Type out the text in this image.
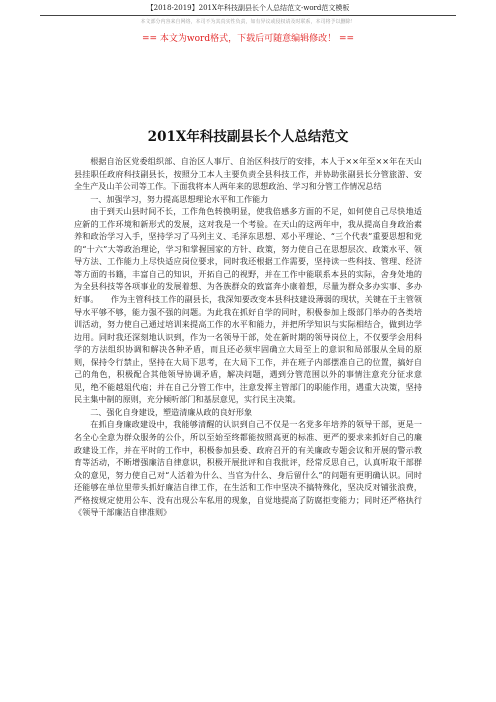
【2018-2019】201X年科技副县长个人总结范文-word范文模板
本文部分内容来自网络，本司不为其真实性负责，如有异议或侵权请及时联系，本司将予以删除！
== 本文为word格式，下载后可随意编辑修改！ ==
201X年科技副县长个人总结范文

根据自治区党委组织部、自治区人事厅、自治区科技厅的安排，本人于××年至××年在天山县挂职任政府科技副县长，按照分工本人主要负责全县科技工作，并协助张副县长分管旅游、安全生产及山羊公司等工作。下面我将本人两年来的思想政治、学习和分管工作情况总结

一、加强学习，努力提高思想理论水平和工作能力

由于到天山县时间不长，工作角色转换明显，使我倍感多方面的不足，如何使自己尽快地适应新的工作环境和新形式的发展，这对我是一个考验。在天山的这两年中，我从提高自身政治素养和政治学习入手，坚持学习了马列主义、毛泽东思想、邓小平理论、“三个代表”重要思想和党的“十六”大等政治理论，学习和掌握国家的方针、政策，努力使自己在思想层次、政策水平、领导方法、工作能力上尽快适应岗位要求，同时我还根据工作需要，坚持读一些科技、管理、经济等方面的书籍，丰富自己的知识，开拓自己的视野，并在工作中能联系本县的实际，舍身处地的为全县科技等各项事业的发展着想、为各族群众的致富奔小康着想，尽量为群众多办实事、多办好事。　　作为主管科技工作的副县长，我深知要改变本县科技建设薄弱的现状，关键在于主管领导水平够不够，能力强不强的问题。为此我在抓好自学的同时，积极参加上级部门举办的各类培训活动，努力使自己通过培训来提高工作的水平和能力，并把所学知识与实际相结合，做到边学边用。同时我还深刻地认识到，作为一名领导干部，处在新时期的领导岗位上，不仅要学会用科学的方法组织协调和解决各种矛盾，而且还必须牢固确立大局至上的意识和局部服从全局的原则，保持令行禁止，坚持在大局下思考，在大局下工作，并在班子内部摆准自己的位置，搞好自己的角色，积极配合其他领导协调矛盾，解决问题，遇到分管范围以外的事情注意充分征求意见，绝不能越俎代庖；并在自己分管工作中，注意发挥主管部门的职能作用，遇重大决策，坚持民主集中制的原则，充分倾听部门和基层意见，实行民主决策。

二、强化自身建设，塑造清廉从政的良好形象

在抓自身廉政建设中，我能够清醒的认识到自己不仅是一名党多年培养的领导干部，更是一名全心全意为群众服务的公仆，所以至始至终都能按照高更的标准、更严的要求来抓好自己的廉政建设工作，并在平时的工作中，积极参加县委、政府召开的有关廉政专题会议和开展的警示教育等活动，不断增强廉洁自律意识，积极开展批评和自我批评，经常反思自己，认真听取干部群众的意见，努力使自己对“人活着为什么、当官为什么、身后留什么”的问题有更明确认识。同时还能够在单位里带头抓好廉洁自律工作，在生活和工作中坚决不搞特殊化，坚决反对铺张浪费，严格按规定使用公车、没有出现公车私用的现象，自觉地提高了防腐拒变能力；同时还严格执行《领导干部廉洁自律准则》
